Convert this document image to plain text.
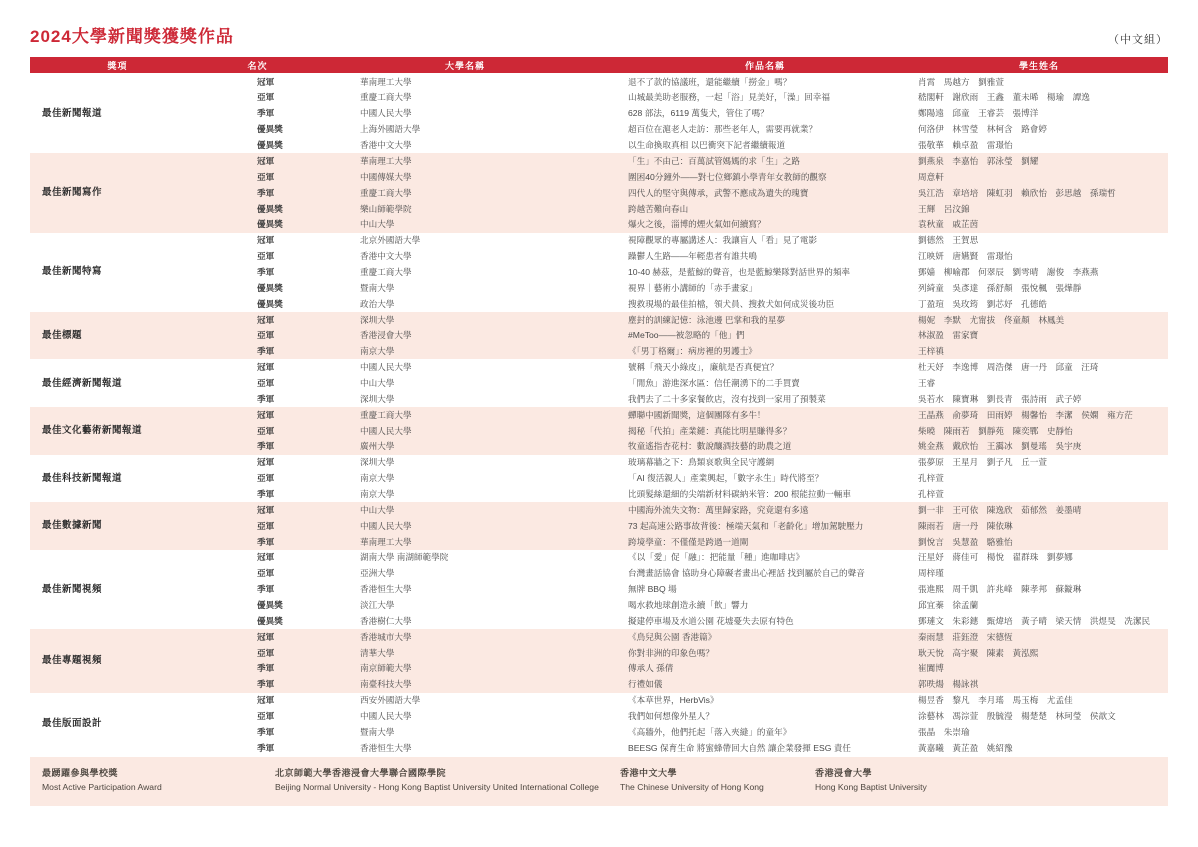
2024大學新聞獎獲獎作品	（中文組）
獎項	名次	大學名稱	作品名稱	學生姓名
最佳新聞報道	冠軍	華南理工大學	退不了款的協議班，還能繼續「撈金」嗎？	肖霄　馬越方　劉雅萱
	亞軍	重慶工商大學	山城最美助老服務，一起「浴」見美好，「澡」回幸福	嵇閣軒　謝欣雨　王鑫　董未晞　楊瑜　譚逸
	季軍	中國人民大學	628 部法，6119 萬隻犬，管住了嗎？	鄭陽遠　邱童　王睿芸　張博洋
	優異獎	上海外國語大學	超百位在滬老人走訪：那些老年人，需要再就業？	何洛伊　林雪瑩　林柯含　路會婷
	優異獎	香港中文大學	以生命換取真相 以巴衝突下記者繼續報道	張敬華　賴卓盈　雷璟怡
最佳新聞寫作	冠軍	華南理工大學	「生」不由己：百萬試管媽媽的求「生」之路	劉燕泉　李嘉怡　郭泳瑩　劉耀
	亞軍	中國傳媒大學	圍困40分鐘外——對七位鄉鎮小學青年女教師的觀察	周意軒
	季軍	重慶工商大學	四代人的堅守與傳承，武警不應成為遺失的瑰寶	吳江浩　章培培　陳虹羽　賴欣怡　彭思越　孫瑞哲
	優異獎	樂山師範學院	跨越苦難向春山	王輝　呂汶錦
	優異獎	中山大學	爆火之後，淄博的煙火氣如何續寫？	袁秋童　戚芷茵
最佳新聞特寫	冠軍	北京外國語大學	視障觀眾的專屬講述人：我讓盲人「看」見了電影	劉德然　王賀思
	亞軍	香港中文大學	躁鬱人生路——年輕患者有誰共鳴	江映妍　唐嬿賢　雷璟怡
	季軍	重慶工商大學	10-40 赫茲，是藍鯨的聲音，也是藍鯨樂隊對話世界的頻率	鄧嫱　柳喻郡　何翠辰　劉雩晴　謝俊　李燕燕
	優異獎	暨南大學	視界｜藝術小講師的「赤手畫家」	列綺童　吳彥達　孫舒顏　張悅楓　張燁靜
	優異獎	政治大學	搜救現場的最佳拍檔，領犬員、搜救犬如何成災後功臣	丁盈瑄　吳玫筠　劉芯妤　孔德皓
最佳標題	冠軍	深圳大學	塵封的訓練記憶：泳池邊 巴掌和我的星夢	楊妮　李默　尤甯拔　佟童顏　林鳳美
	亞軍	香港浸會大學	#MeToo——被忽略的「他」們	林淑盈　雷家寶
	季軍	南京大學	《「男丁格爾」：病房裡的男護士》	王梓禛
最佳經濟新聞報道	冠軍	中國人民大學	號稱「飛天小綠皮」，廉航是否真便宜？	杜天妤　李逸博　周浩傑　唐一丹　邱童　汪琦
	亞軍	中山大學	「閒魚」游進深水區：信任潮湧下的二手買賣	王睿
	季軍	深圳大學	我們去了二十多家餐飲店，沒有找到一家用了預製菜	吳若水　陳寶琳　劉長青　張詩雨　武子婷
最佳文化藝術新聞報道	冠軍	重慶工商大學	蟬聯中國新聞獎，這個團隊有多牛！	王晶燕　俞夢琦　田雨婷　楊馨怡　李潔　侯嫻　雍方茫
	亞軍	中國人民大學	揭秘「代拍」產業鏈：真能比明星賺得多？	柴曉　陳雨若　劉靜苑　陳奕鄲　史靜怡
	季軍	廣州大學	牧童遙指杏花村：數說釀酒技藝的助農之道	姚金燕　戴欣怡　王靄冰　劉曼瑤　吳宇庚
最佳科技新聞報道	冠軍	深圳大學	玻璃幕牆之下：鳥類哀歌與全民守護網	張夢原　王星月　劉子凡　丘一萱
	亞軍	南京大學	「AI 復活親人」產業興起，「數字永生」時代將至？	孔梓萱
	季軍	南京大學	比頭髮絲還細的尖端新材料碳納米管：200 根能拉動一輛車	孔梓萱
最佳數據新聞	冠軍	中山大學	中國海外流失文物：萬里歸家路，究竟還有多遠	劉一非　王可依　陳逸欣　茹郁然　姜墨晴
	亞軍	中國人民大學	73 起高速公路事故背後：極端天氣和「老齡化」增加駕駛壓力	陳雨若　唐一丹　陳依琳
	季軍	華南理工大學	跨境學童：不僅僅是跨過一道閘	劉悅言　吳慧盈　駱雅怡
最佳新聞視頻	冠軍	湖南大學 南湖師範學院	《以「愛」促「融」：把能量「種」進咖啡店》	汪星妤　蔣佳可　楊悅　翟群珠　劉夢娜
	亞軍	亞洲大學	台灣畫話協會 協助身心障礙者畫出心裡話 找到屬於自己的聲音	周梓瑾
	季軍	香港恒生大學	無牌 BBQ 場	張進熙　周千凱　許兆峰　陳孝邦　蘇鏇琳
	優異獎	淡江大學	喝水救地球創造永續「飲」響力	邱宜蓁　徐孟蘭
	優異獎	香港樹仁大學	擬建停車場及水道公園 花墟憂失去原有特色	鄧璉文　朱彩鏸　甄煒培　黃子晴　梁天情　洪煜旻　冼潔民
最佳專題視頻	冠軍	香港城市大學	《鳥兒與公園 香港篇》	秦雨慧　莊鈺澄　宋德恆
	亞軍	清華大學	你對非洲的印象色嗎？	耿天悅　高宇聚　陳素　黃泓熙
	季軍	南京師範大學	傳承人 孫倩	崔闐博
	季軍	南臺科技大學	行禮如儀	郭昳煬　楊詠祺
最佳版面設計	冠軍	西安外國語大學	《本草世界，HerbVis》	楊昱香　黎凡　李月瑤　馬玉梅　尤孟佳
	亞軍	中國人民大學	我們如何想像外星人？	涂藝林　馮淙萱　殷毓瀅　楊楚楚　林珂瑩　侯歆文
	季軍	暨南大學	《高牆外，他們托起「落入夾縫」的童年》	張晶　朱崇瑜
	季軍	香港恒生大學	BEESG 保育生命 將蜜蜂帶回大自然 讓企業發揮 ESG 責任	黃嘉曦　黃芷盈　姚紹豫
最踴躍參與學校獎
Most Active Participation Award
北京師範大學香港浸會大學聯合國際學院
Beijing Normal University - Hong Kong Baptist University United International College
香港中文大學
The Chinese University of Hong Kong
香港浸會大學
Hong Kong Baptist University
